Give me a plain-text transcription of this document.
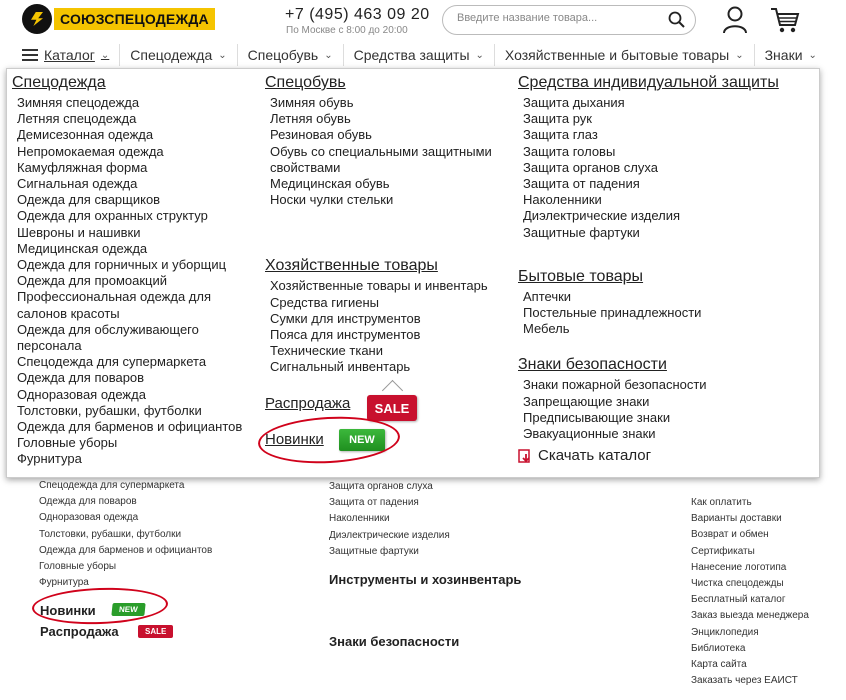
СОЮЗСПЕЦОДЕЖДА	+7 (495) 463 09 20
По Москве с 8:00 до 20:00
Введите название товара...
Каталог ⌄ Спецодежда ⌄ Спецобувь ⌄ Средства защиты ⌄ Хозяйственные и бытовые товары ⌄ Знаки ⌄
Спецодежда для супермаркета
Одежда для поваров
Одноразовая одежда
Толстовки, рубашки, футболки
Одежда для барменов и официантов
Головные уборы
Фурнитура
Защита органов слуха
Защита от падения
Наколенники
Диэлектрические изделия
Защитные фартуки
Как оплатить
Варианты доставки
Возврат и обмен
Сертификаты
Нанесение логотипа
Чистка спецодежды
Бесплатный каталог
Заказ выезда менеджера
Энциклопедия
Библиотека
Карта сайта
Заказать через ЕАИСТ
Новинки	NEW
Распродажа	SALE
Инструменты и хозинвентарь
Знаки безопасности
Спецодежда
Зимняя спецодежда
Летняя спецодежда
Демисезонная одежда
Непромокаемая одежда
Камуфляжная форма
Сигнальная одежда
Одежда для сварщиков
Одежда для охранных структур
Шевроны и нашивки
Медицинская одежда
Одежда для горничных и уборщиц
Одежда для промоакций
Профессиональная одежда для салонов красоты
Одежда для обслуживающего персонала
Спецодежда для супермаркета
Одежда для поваров
Одноразовая одежда
Толстовки, рубашки, футболки
Одежда для барменов и официантов
Головные уборы
Фурнитура
Спецобувь
Зимняя обувь
Летняя обувь
Резиновая обувь
Обувь со специальными защитными свойствами
Медицинская обувь
Носки чулки стельки
Хозяйственные товары
Хозяйственные товары и инвентарь
Средства гигиены
Сумки для инструментов
Пояса для инструментов
Технические ткани
Сигнальный инвентарь
Распродажа	SALE
Новинки	NEW
Средства индивидуальной защиты
Защита дыхания
Защита рук
Защита глаз
Защита головы
Защита органов слуха
Защита от падения
Наколенники
Диэлектрические изделия
Защитные фартуки
Бытовые товары
Аптечки
Постельные принадлежности
Мебель
Знаки безопасности
Знаки пожарной безопасности
Запрещающие знаки
Предписывающие знаки
Эвакуационные знаки
Скачать каталог
